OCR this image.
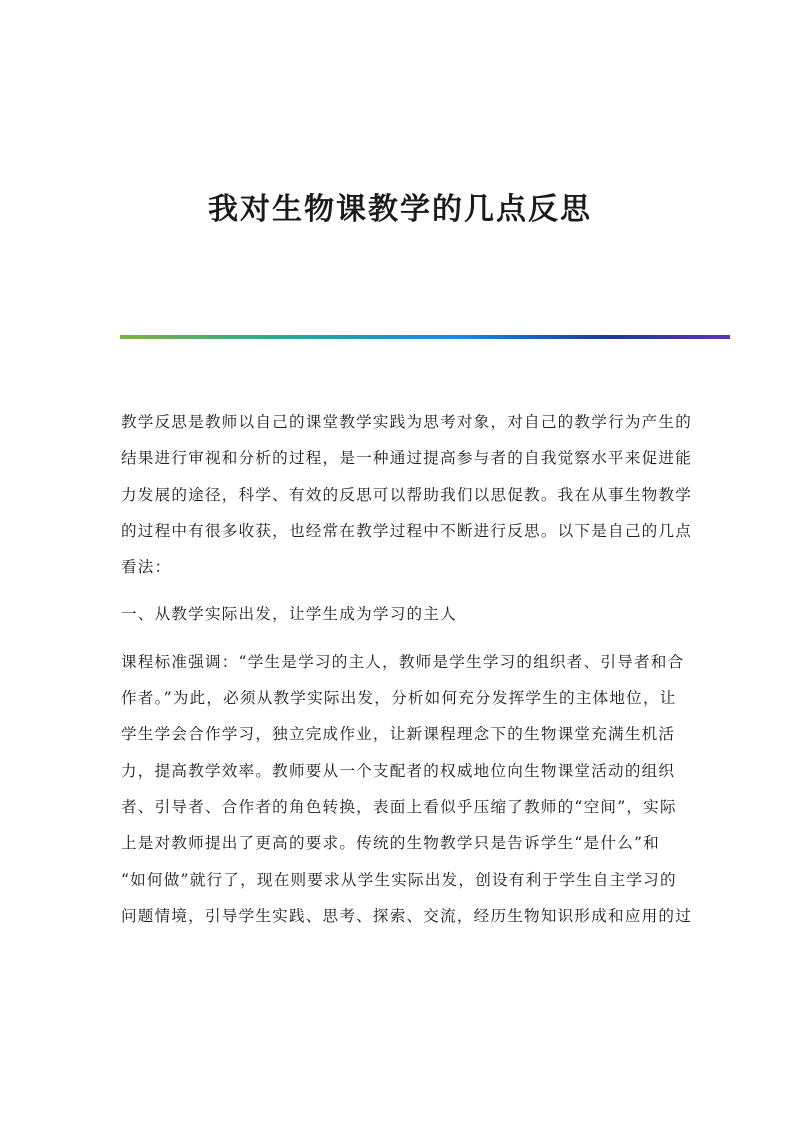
我对生物课教学的几点反思

教学反思是教师以自己的课堂教学实践为思考对象，对自己的教学行为产生的
结果进行审视和分析的过程，是一种通过提高参与者的自我觉察水平来促进能
力发展的途径，科学、有效的反思可以帮助我们以思促教。我在从事生物教学
的过程中有很多收获，也经常在教学过程中不断进行反思。以下是自己的几点
看法：

一、从教学实际出发，让学生成为学习的主人

课程标准强调：“学生是学习的主人，教师是学生学习的组织者、引导者和合
作者。”为此，必须从教学实际出发，分析如何充分发挥学生的主体地位，让
学生学会合作学习，独立完成作业，让新课程理念下的生物课堂充满生机活
力，提高教学效率。教师要从一个支配者的权威地位向生物课堂活动的组织
者、引导者、合作者的角色转换，表面上看似乎压缩了教师的“空间”，实际
上是对教师提出了更高的要求。传统的生物教学只是告诉学生“是什么”和
“如何做”就行了，现在则要求从学生实际出发，创设有利于学生自主学习的
问题情境，引导学生实践、思考、探索、交流，经历生物知识形成和应用的过
